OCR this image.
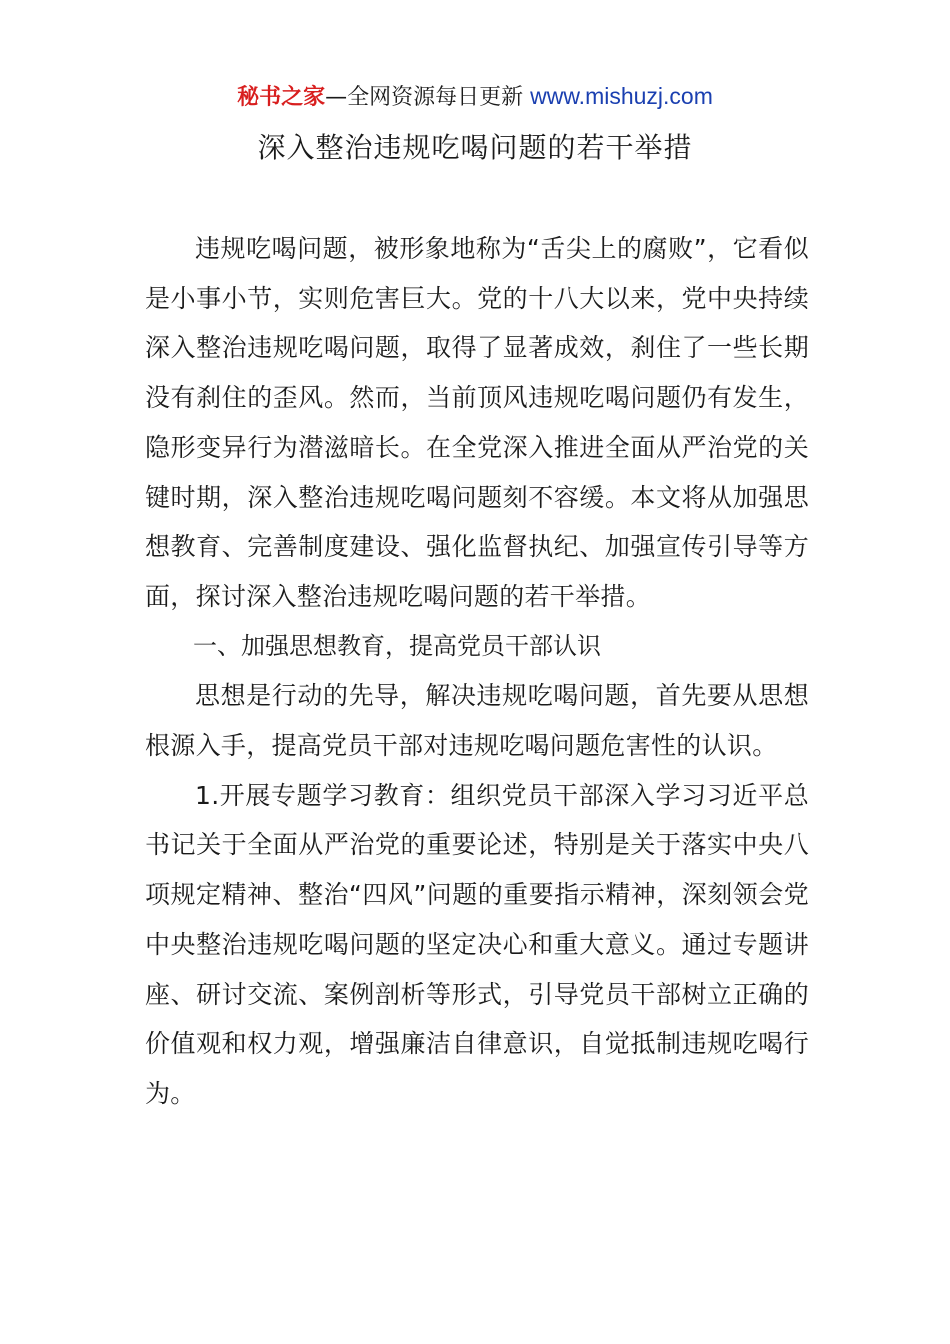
秘书之家—全网资源每日更新 www.mishuzj.com
深入整治违规吃喝问题的若干举措

违规吃喝问题，被形象地称为“舌尖上的腐败”，它看似是小事小节，实则危害巨大。党的十八大以来，党中央持续深入整治违规吃喝问题，取得了显著成效，刹住了一些长期没有刹住的歪风。然而，当前顶风违规吃喝问题仍有发生，隐形变异行为潜滋暗长。在全党深入推进全面从严治党的关键时期，深入整治违规吃喝问题刻不容缓。本文将从加强思想教育、完善制度建设、强化监督执纪、加强宣传引导等方面，探讨深入整治违规吃喝问题的若干举措。

一、加强思想教育，提高党员干部认识

思想是行动的先导，解决违规吃喝问题，首先要从思想根源入手，提高党员干部对违规吃喝问题危害性的认识。

1.开展专题学习教育：组织党员干部深入学习习近平总书记关于全面从严治党的重要论述，特别是关于落实中央八项规定精神、整治“四风”问题的重要指示精神，深刻领会党中央整治违规吃喝问题的坚定决心和重大意义。通过专题讲座、研讨交流、案例剖析等形式，引导党员干部树立正确的价值观和权力观，增强廉洁自律意识，自觉抵制违规吃喝行为。
